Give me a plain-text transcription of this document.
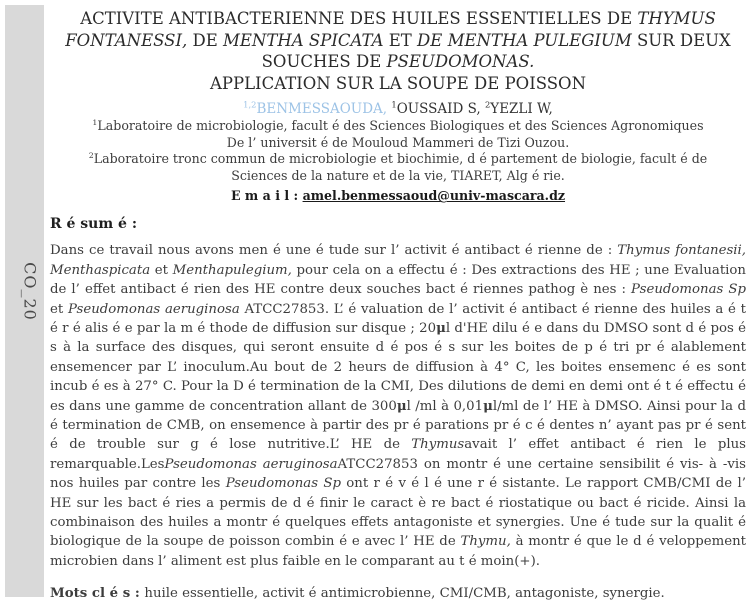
CO_20
ACTIVITE ANTIBACTERIENNE DES HUILES ESSENTIELLES DE THYMUS
FONTANESSI, DE MENTHA SPICATA ET DE MENTHA PULEGIUM SUR DEUX
SOUCHES DE PSEUDOMONAS.
APPLICATION SUR LA SOUPE DE POISSON
$^{1,2}$BENMESSAOUDA, $^1$OUSSAID S, $^2$YEZLI W,
$^1$Laboratoire de microbiologie, facult é des Sciences Biologiques et des Sciences Agronomiques
De l’ universit é de Mouloud Mammeri de Tizi Ouzou.
$^2$Laboratoire tronc commun de microbiologie et biochimie, d é partement de biologie, facult é de
Sciences de la nature et de la vie, TIARET, Alg é rie.
E m a i l : amel.benmessaoud@univ-mascara.dz
R é sum é :
Dans ce travail nous avons men é une é tude sur l’ activit é antibact é rienne de : Thymus fontanesii, Menthaspicata et Menthapulegium, pour cela on a effectu é : Des extractions des HE ; une Evaluation de l’ effet antibact é rien des HE contre deux souches bact é riennes pathog è nes : Pseudomonas Sp et Pseudomonas aeruginosa ATCC27853. L’ é valuation de l’ activit é antibact é rienne des huiles a é t é r é alis é e par la m é thode de diffusion sur disque ; 20μl d'HE dilu é e dans du DMSO sont d é pos é s à la surface des disques, qui seront ensuite d é pos é s sur les boites de p é tri pr é alablement ensemencer par L’ inoculum.Au bout de 2 heurs de diffusion à 4° C, les boites ensemenc é es sont incub é es à 27° C. Pour la D é termination de la CMI, Des dilutions de demi en demi ont é t é effectu é es dans une gamme de concentration allant de 300μl /ml à 0,01μl/ml de l’ HE à DMSO. Ainsi pour la d é termination de CMB, on ensemence à partir des pr é parations pr é c é dentes n’ ayant pas pr é sent é de trouble sur g é lose nutritive.L’ HE de Thymusavait l’ effet antibact é rien le plus remarquable.LesPseudomonas aeruginosaATCC27853 on montr é une certaine sensibilit é vis- à -vis nos huiles par contre les Pseudomonas Sp ont r é v é l é une r é sistante. Le rapport CMB/CMI de l’ HE sur les bact é ries a permis de d é finir le caract è re bact é riostatique ou bact é ricide. Ainsi la combinaison des huiles a montr é quelques effets antagoniste et synergies. Une é tude sur la qualit é biologique de la soupe de poisson combin é e avec l’ HE de Thymu, à montr é que le d é veloppement microbien dans l’ aliment est plus faible en le comparant au t é moin(+).
Mots cl é s : huile essentielle, activit é antimicrobienne, CMI/CMB, antagoniste, synergie.
